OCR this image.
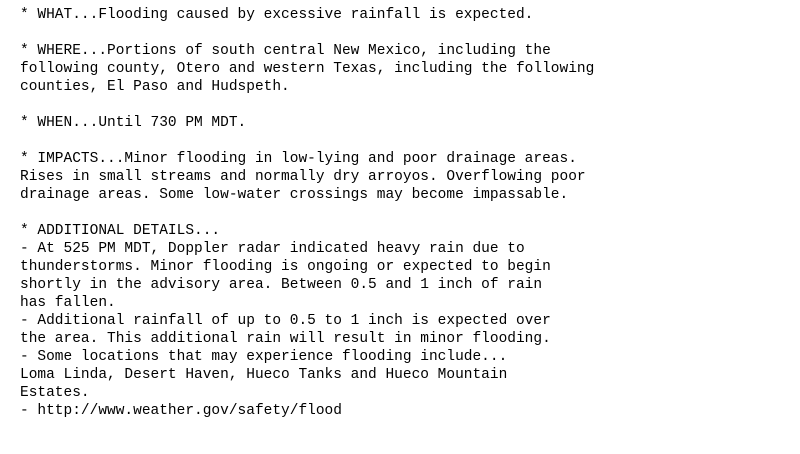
* WHAT...Flooding caused by excessive rainfall is expected.
* WHERE...Portions of south central New Mexico, including the
following county, Otero and western Texas, including the following
counties, El Paso and Hudspeth.
* WHEN...Until 730 PM MDT.
* IMPACTS...Minor flooding in low-lying and poor drainage areas.
Rises in small streams and normally dry arroyos. Overflowing poor
drainage areas. Some low-water crossings may become impassable.
* ADDITIONAL DETAILS...
- At 525 PM MDT, Doppler radar indicated heavy rain due to
thunderstorms. Minor flooding is ongoing or expected to begin
shortly in the advisory area. Between 0.5 and 1 inch of rain
has fallen.
- Additional rainfall of up to 0.5 to 1 inch is expected over
the area. This additional rain will result in minor flooding.
- Some locations that may experience flooding include...
Loma Linda, Desert Haven, Hueco Tanks and Hueco Mountain
Estates.
- http://www.weather.gov/safety/flood
